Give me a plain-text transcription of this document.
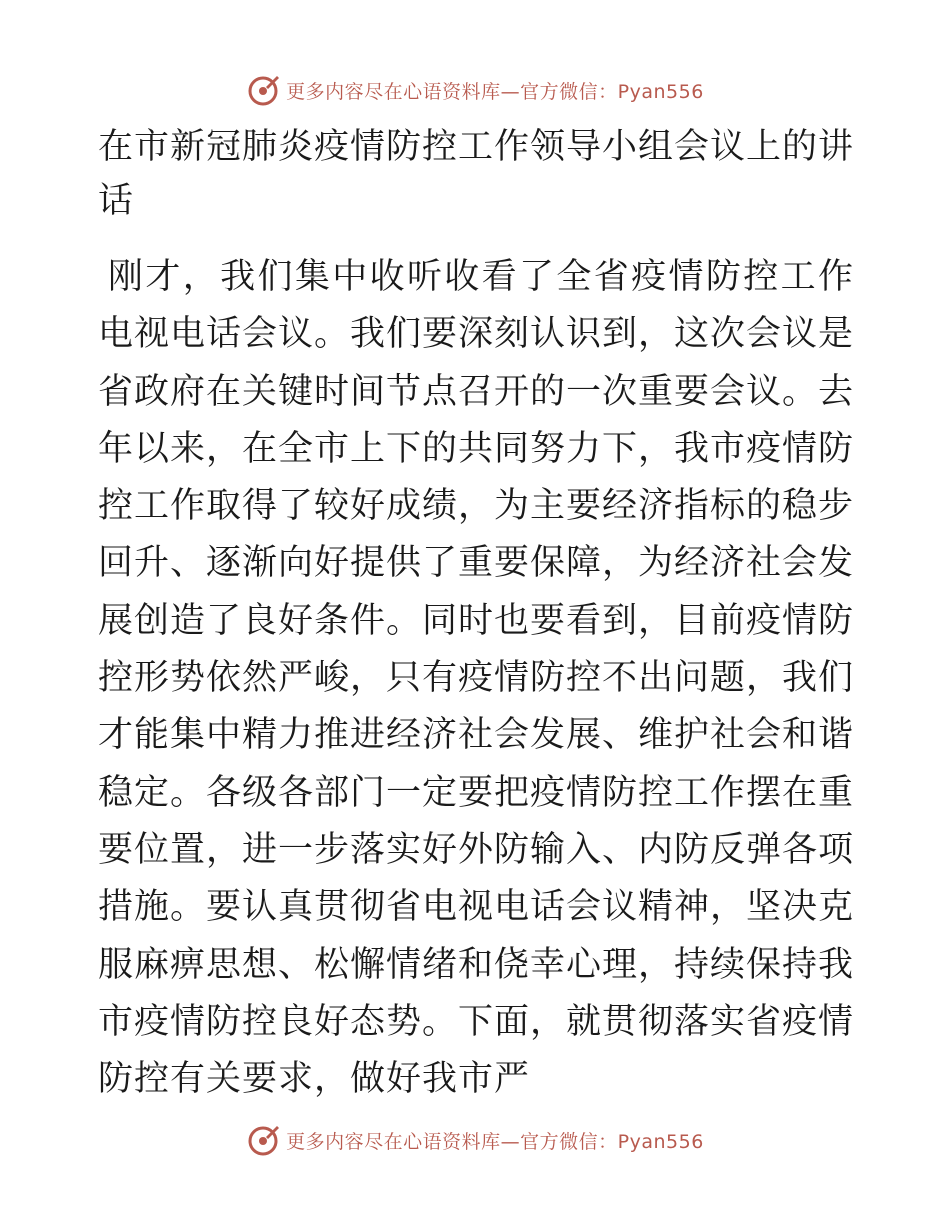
更多内容尽在心语资料库—官方微信：Pyan556
在市新冠肺炎疫情防控工作领导小组会议上的讲话

刚才，我们集中收听收看了全省疫情防控工作电视电话会议。我们要深刻认识到，这次会议是省政府在关键时间节点召开的一次重要会议。去年以来，在全市上下的共同努力下，我市疫情防控工作取得了较好成绩，为主要经济指标的稳步回升、逐渐向好提供了重要保障，为经济社会发展创造了良好条件。同时也要看到，目前疫情防控形势依然严峻，只有疫情防控不出问题，我们才能集中精力推进经济社会发展、维护社会和谐稳定。各级各部门一定要把疫情防控工作摆在重要位置，进一步落实好外防输入、内防反弹各项措施。要认真贯彻省电视电话会议精神，坚决克服麻痹思想、松懈情绪和侥幸心理，持续保持我市疫情防控良好态势。下面，就贯彻落实省疫情防控有关要求，做好我市严

更多内容尽在心语资料库—官方微信：Pyan556
